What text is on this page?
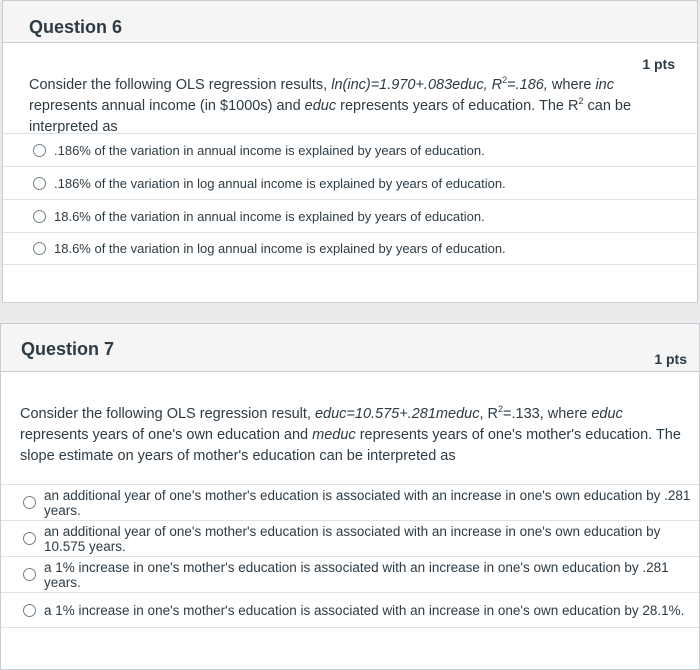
Question 6
1 pts
Consider the following OLS regression results, ln(inc)=1.970+.083educ, $R^2=.186$, where inc represents annual income (in $1000s) and educ represents years of education. The $R^2$ can be interpreted as
.186% of the variation in annual income is explained by years of education.
.186% of the variation in log annual income is explained by years of education.
18.6% of the variation in annual income is explained by years of education.
18.6% of the variation in log annual income is explained by years of education.
Question 7	1 pts
Consider the following OLS regression result, educ=10.575+.281meduc, $R^2=.133$, where educ represents years of one's own education and meduc represents years of one's mother's education. The slope estimate on years of mother's education can be interpreted as
an additional year of one's mother's education is associated with an increase in one's own education by .281 years.
an additional year of one's mother's education is associated with an increase in one's own education by 10.575 years.
a 1% increase in one's mother's education is associated with an increase in one's own education by .281 years.
a 1% increase in one's mother's education is associated with an increase in one's own education by 28.1%.
